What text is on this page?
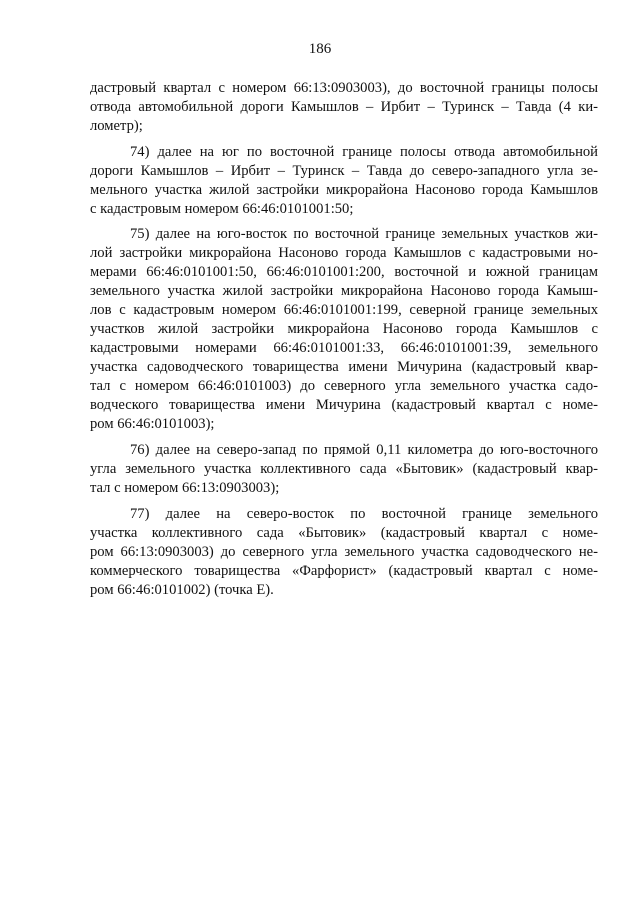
186
дастровый квартал с номером 66:13:0903003), до восточной границы полосы
отвода автомобильной дороги Камышлов – Ирбит – Туринск – Тавда (4 ки-
лометр);
74) далее на юг по восточной границе полосы отвода автомобильной
дороги Камышлов – Ирбит – Туринск – Тавда до северо-западного угла зе-
мельного участка жилой застройки микрорайона Насоново города Камышлов
с кадастровым номером 66:46:0101001:50;
75) далее на юго-восток по восточной границе земельных участков жи-
лой застройки микрорайона Насоново города Камышлов с кадастровыми но-
мерами 66:46:0101001:50, 66:46:0101001:200, восточной и южной границам
земельного участка жилой застройки микрорайона Насоново города Камыш-
лов с кадастровым номером 66:46:0101001:199, северной границе земельных
участков жилой застройки микрорайона Насоново города Камышлов с
кадастровыми номерами 66:46:0101001:33, 66:46:0101001:39, земельного
участка садоводческого товарищества имени Мичурина (кадастровый квар-
тал с номером 66:46:0101003) до северного угла земельного участка садо-
водческого товарищества имени Мичурина (кадастровый квартал с номе-
ром 66:46:0101003);
76) далее на северо-запад по прямой 0,11 километра до юго-восточного
угла земельного участка коллективного сада «Бытовик» (кадастровый квар-
тал с номером 66:13:0903003);
77) далее на северо-восток по восточной границе земельного
участка коллективного сада «Бытовик» (кадастровый квартал с номе-
ром 66:13:0903003) до северного угла земельного участка садоводческого не-
коммерческого товарищества «Фарфорист» (кадастровый квартал с номе-
ром 66:46:0101002) (точка Е).
